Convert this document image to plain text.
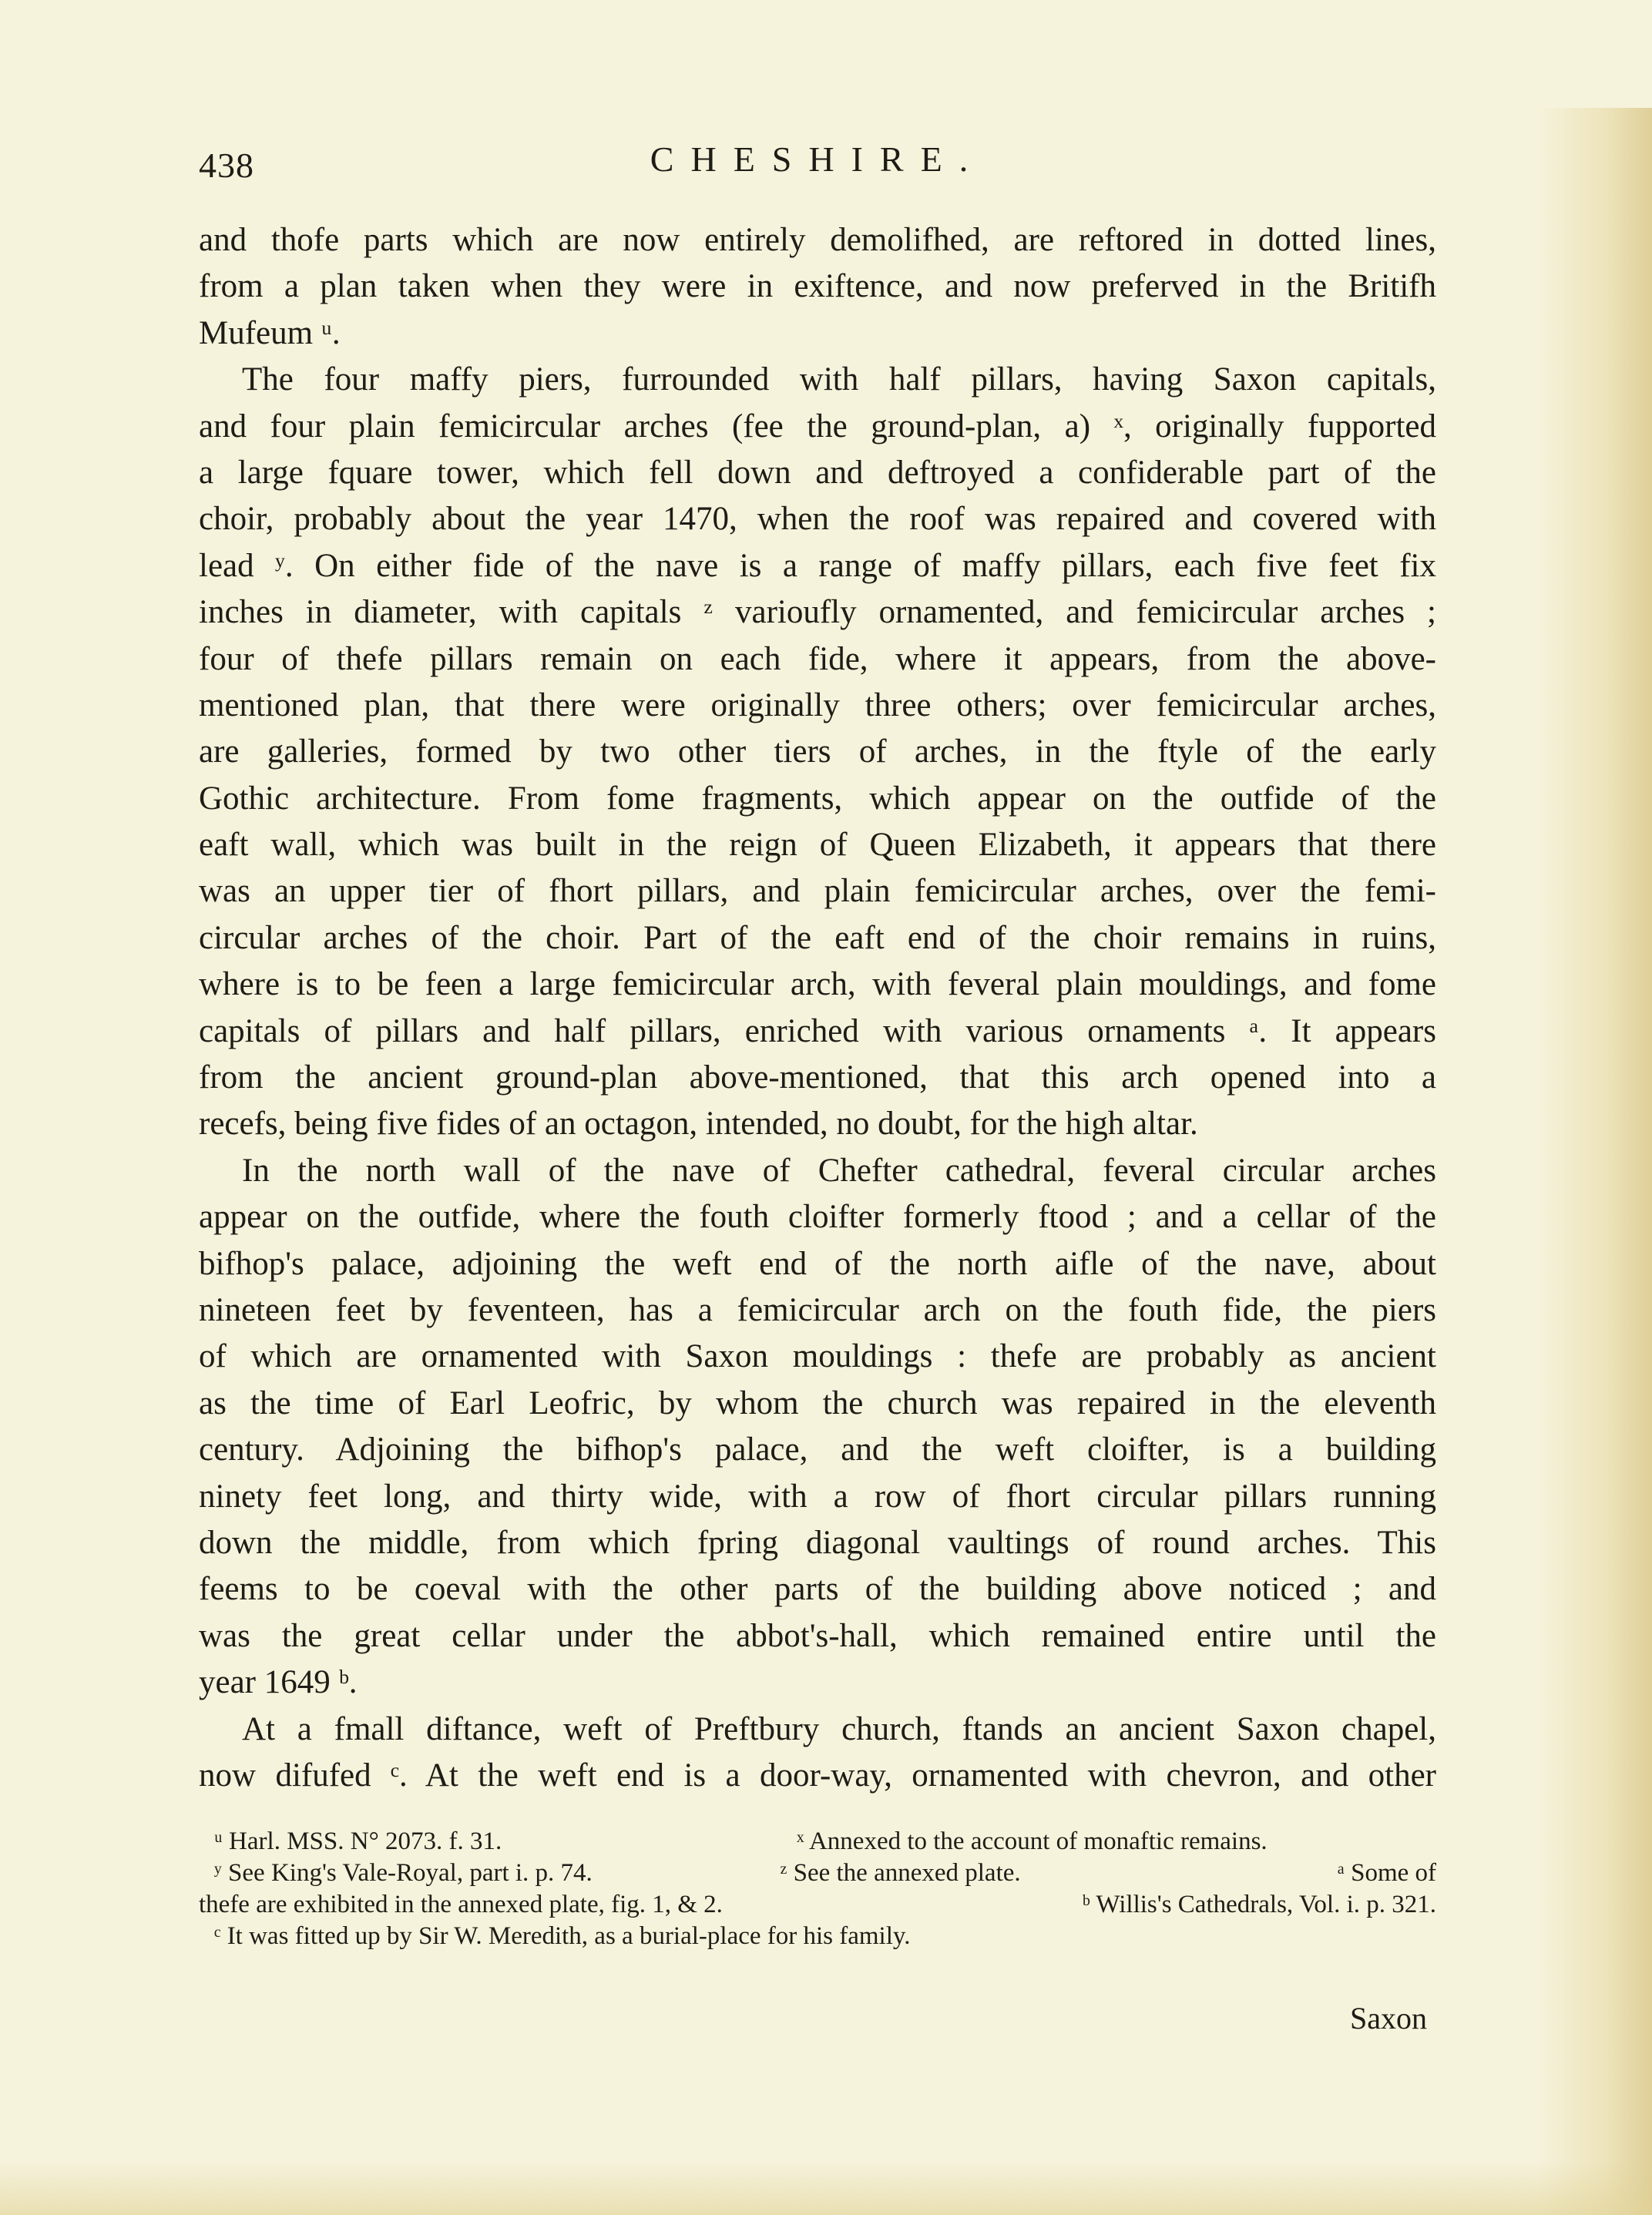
438	CHESHIRE.
and thofe parts which are now entirely demolifhed, are reftored in dotted lines,
from a plan taken when they were in exiftence, and now preferved in the Britifh
Mufeum ᵘ.
The four maffy piers, furrounded with half pillars, having Saxon capitals,
and four plain femicircular arches (fee the ground-plan, a) ˣ, originally fupported
a large fquare tower, which fell down and deftroyed a confiderable part of the
choir, probably about the year 1470, when the roof was repaired and covered with
lead ʸ. On either fide of the nave is a range of maffy pillars, each five feet fix
inches in diameter, with capitals ᶻ varioufly ornamented, and femicircular arches ;
four of thefe pillars remain on each fide, where it appears, from the above-
mentioned plan, that there were originally three others; over femicircular arches,
are galleries, formed by two other tiers of arches, in the ftyle of the early
Gothic architecture. From fome fragments, which appear on the outfide of the
eaft wall, which was built in the reign of Queen Elizabeth, it appears that there
was an upper tier of fhort pillars, and plain femicircular arches, over the femi-
circular arches of the choir. Part of the eaft end of the choir remains in ruins,
where is to be feen a large femicircular arch, with feveral plain mouldings, and fome
capitals of pillars and half pillars, enriched with various ornaments ᵃ. It appears
from the ancient ground-plan above-mentioned, that this arch opened into a
recefs, being five fides of an octagon, intended, no doubt, for the high altar.
In the north wall of the nave of Chefter cathedral, feveral circular arches
appear on the outfide, where the fouth cloifter formerly ftood ; and a cellar of the
bifhop's palace, adjoining the weft end of the north aifle of the nave, about
nineteen feet by feventeen, has a femicircular arch on the fouth fide, the piers
of which are ornamented with Saxon mouldings : thefe are probably as ancient
as the time of Earl Leofric, by whom the church was repaired in the eleventh
century. Adjoining the bifhop's palace, and the weft cloifter, is a building
ninety feet long, and thirty wide, with a row of fhort circular pillars running
down the middle, from which fpring diagonal vaultings of round arches. This
feems to be coeval with the other parts of the building above noticed ; and
was the great cellar under the abbot's-hall, which remained entire until the
year 1649 ᵇ.
At a fmall diftance, weft of Preftbury church, ftands an ancient Saxon chapel,
now difufed ᶜ. At the weft end is a door-way, ornamented with chevron, and other
ᵘ Harl. MSS. N° 2073. f. 31.	ˣ Annexed to the account of monaftic remains.
ʸ See King's Vale-Royal, part i. p. 74.	ᶻ See the annexed plate.	ᵃ Some of
thefe are exhibited in the annexed plate, fig. 1, & 2.	ᵇ Willis's Cathedrals, Vol. i. p. 321.
ᶜ It was fitted up by Sir W. Meredith, as a burial-place for his family.
Saxon
